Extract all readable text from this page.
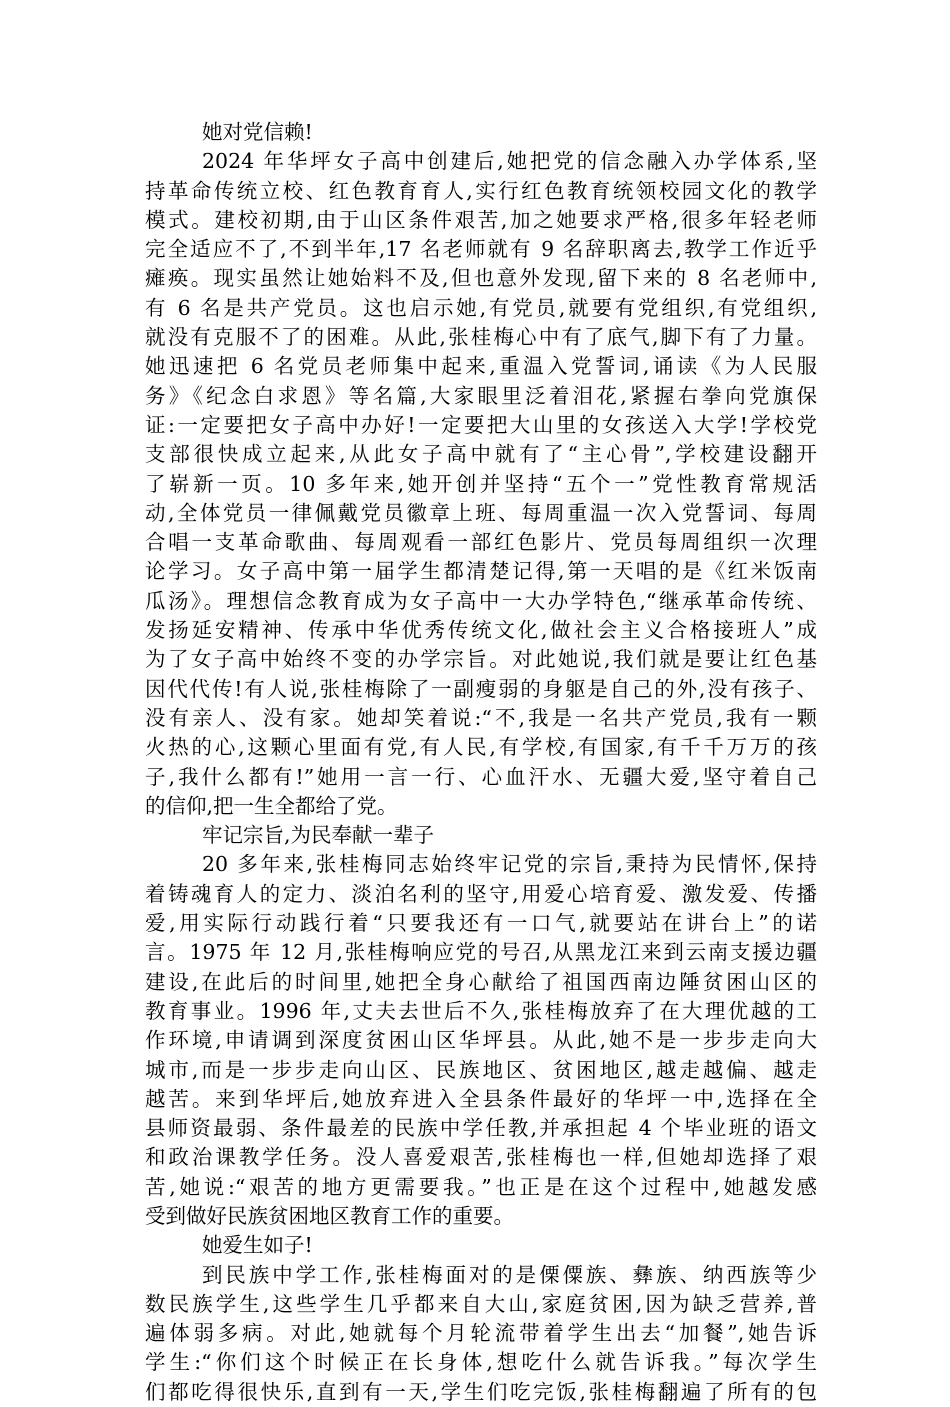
她对党信赖!
2024 年华坪女子高中创建后,她把党的信念融入办学体系,坚
持革命传统立校、红色教育育人,实行红色教育统领校园文化的教学
模式。建校初期,由于山区条件艰苦,加之她要求严格,很多年轻老师
完全适应不了,不到半年,17 名老师就有 9 名辞职离去,教学工作近乎
瘫痪。现实虽然让她始料不及,但也意外发现,留下来的 8 名老师中,
有 6 名是共产党员。这也启示她,有党员,就要有党组织,有党组织,
就没有克服不了的困难。从此,张桂梅心中有了底气,脚下有了力量。
她迅速把 6 名党员老师集中起来,重温入党誓词,诵读《为人民服
务》《纪念白求恩》等名篇,大家眼里泛着泪花,紧握右拳向党旗保
证:一定要把女子高中办好!一定要把大山里的女孩送入大学!学校党
支部很快成立起来,从此女子高中就有了“主心骨”,学校建设翻开
了崭新一页。10 多年来,她开创并坚持“五个一”党性教育常规活
动,全体党员一律佩戴党员徽章上班、每周重温一次入党誓词、每周
合唱一支革命歌曲、每周观看一部红色影片、党员每周组织一次理
论学习。女子高中第一届学生都清楚记得,第一天唱的是《红米饭南
瓜汤》。理想信念教育成为女子高中一大办学特色,“继承革命传统、
发扬延安精神、传承中华优秀传统文化,做社会主义合格接班人”成
为了女子高中始终不变的办学宗旨。对此她说,我们就是要让红色基
因代代传!有人说,张桂梅除了一副瘦弱的身躯是自己的外,没有孩子、
没有亲人、没有家。她却笑着说:“不,我是一名共产党员,我有一颗
火热的心,这颗心里面有党,有人民,有学校,有国家,有千千万万的孩
子,我什么都有!”她用一言一行、心血汗水、无疆大爱,坚守着自己
的信仰,把一生全都给了党。
牢记宗旨,为民奉献一辈子
20 多年来,张桂梅同志始终牢记党的宗旨,秉持为民情怀,保持
着铸魂育人的定力、淡泊名利的坚守,用爱心培育爱、激发爱、传播
爱,用实际行动践行着“只要我还有一口气,就要站在讲台上”的诺
言。1975 年 12 月,张桂梅响应党的号召,从黑龙江来到云南支援边疆
建设,在此后的时间里,她把全身心献给了祖国西南边陲贫困山区的
教育事业。1996 年,丈夫去世后不久,张桂梅放弃了在大理优越的工
作环境,申请调到深度贫困山区华坪县。从此,她不是一步步走向大
城市,而是一步步走向山区、民族地区、贫困地区,越走越偏、越走
越苦。来到华坪后,她放弃进入全县条件最好的华坪一中,选择在全
县师资最弱、条件最差的民族中学任教,并承担起 4 个毕业班的语文
和政治课教学任务。没人喜爱艰苦,张桂梅也一样,但她却选择了艰
苦,她说:“艰苦的地方更需要我。”也正是在这个过程中,她越发感
受到做好民族贫困地区教育工作的重要。
她爱生如子!
到民族中学工作,张桂梅面对的是傈僳族、彝族、纳西族等少
数民族学生,这些学生几乎都来自大山,家庭贫困,因为缺乏营养,普
遍体弱多病。对此,她就每个月轮流带着学生出去“加餐”,她告诉
学生:“你们这个时候正在长身体,想吃什么就告诉我。”每次学生
们都吃得很快乐,直到有一天,学生们吃完饭,张桂梅翻遍了所有的包
